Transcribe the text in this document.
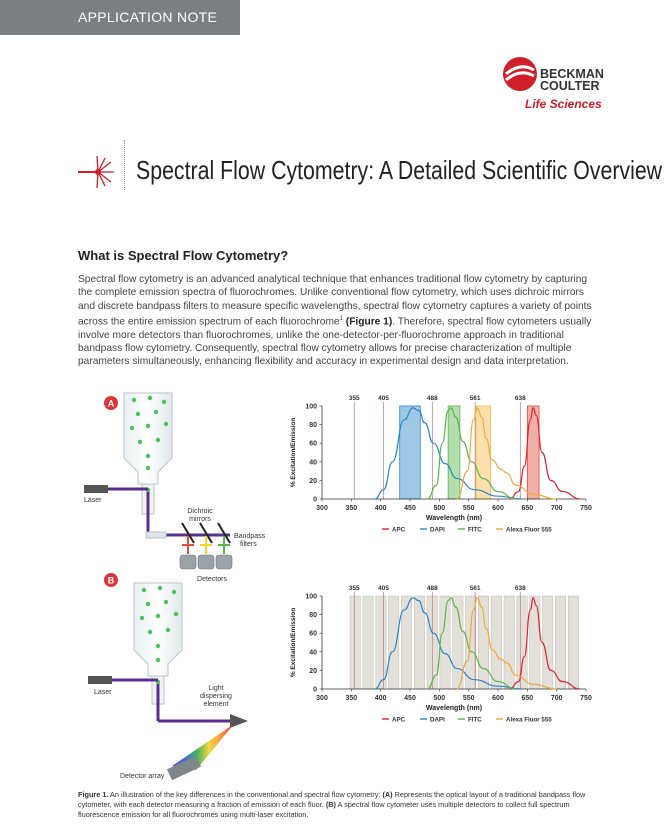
APPLICATION NOTE
BECKMAN
COULTER
Life Sciences
Spectral Flow Cytometry: A Detailed Scientific Overview
What is Spectral Flow Cytometry?
Spectral flow cytometry is an advanced analytical technique that enhances traditional flow cytometry by capturing the complete emission spectra of fluorochromes. Unlike conventional flow cytometry, which uses dichroic mirrors and discrete bandpass filters to measure specific wavelengths, spectral flow cytometry captures a variety of points across the entire emission spectrum of each fluorochrome$^1$ (Figure 1). Therefore, spectral flow cytometers usually involve more detectors than fluorochromes, unlike the one-detector-per-fluorochrome approach in traditional bandpass flow cytometry. Consequently, spectral flow cytometry allows for precise characterization of multiple parameters simultaneously, enhancing flexibility and accuracy in experimental design and data interpretation.
A
Laser
Dichroic
mirrors
Bandpass
filters
Detectors
B
Laser
Light
dispersing
element
Detector array
355	405	488	561	638
300	350	400	450	500	550	600	650	700	750
0
20
40
60
80
100
Wavelength (nm)
% Excitation/Emission
APC	DAPI	FITC	Alexa Fluor 555
355	405	488	561	638
300	350	400	450	500	550	600	650	700	750
0
20
40
60
80
100
Wavelength (nm)
% Excitation/Emission
APC	DAPI	FITC	Alexa Fluor 555
Figure 1. An illustration of the key differences in the conventional and spectral flow cytometry: (A) Represents the optical layout of a traditional bandpass flow cytometer, with each detector measuring a fraction of emission of each fluor. (B) A spectral flow cytometer uses multiple detectors to collect full spectrum fluorescence emission for all fluorochromes using multi-laser excitation.
